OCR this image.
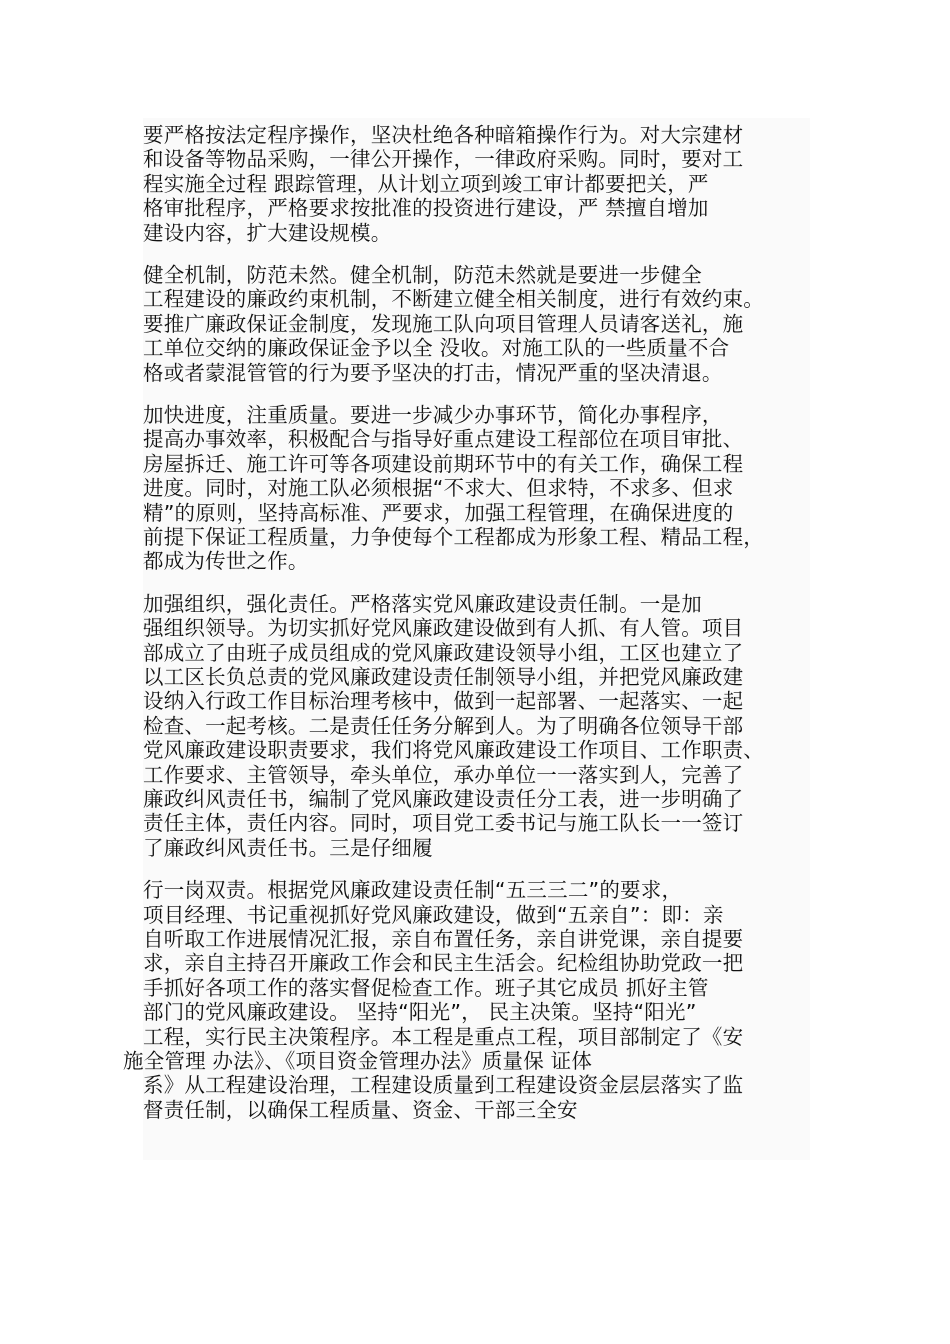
要严格按法定程序操作，坚决杜绝各种暗箱操作行为。对大宗建材
和设备等物品采购，一律公开操作，一律政府采购。同时，要对工
程实施全过程 跟踪管理，从计划立项到竣工审计都要把关，严
格审批程序，严格要求按批准的投资进行建设，严 禁擅自增加
建设内容，扩大建设规模。
健全机制，防范未然。健全机制，防范未然就是要进一步健全
工程建设的廉政约束机制，不断建立健全相关制度，进行有效约束。
要推广廉政保证金制度，发现施工队向项目管理人员请客送礼，施
工单位交纳的廉政保证金予以全 没收。对施工队的一些质量不合
格或者蒙混管管的行为要予坚决的打击，情况严重的坚决清退。
加快进度，注重质量。要进一步减少办事环节，简化办事程序，
提高办事效率，积极配合与指导好重点建设工程部位在项目审批、
房屋拆迁、施工许可等各项建设前期环节中的有关工作，确保工程
进度。同时，对施工队必须根据“不求大、但求特，不求多、但求
精”的原则，坚持高标准、严要求，加强工程管理，在确保进度的
前提下保证工程质量，力争使每个工程都成为形象工程、精品工程，
都成为传世之作。
加强组织，强化责任。严格落实党风廉政建设责任制。一是加
强组织领导。为切实抓好党风廉政建设做到有人抓、有人管。项目
部成立了由班子成员组成的党风廉政建设领导小组，工区也建立了
以工区长负总责的党风廉政建设责任制领导小组，并把党风廉政建
设纳入行政工作目标治理考核中，做到一起部署、一起落实、一起
检查、一起考核。二是责任任务分解到人。为了明确各位领导干部
党风廉政建设职责要求，我们将党风廉政建设工作项目、工作职责、
工作要求、主管领导，牵头单位，承办单位一一落实到人，完善了
廉政纠风责任书，编制了党风廉政建设责任分工表，进一步明确了
责任主体，责任内容。同时，项目党工委书记与施工队长一一签订
了廉政纠风责任书。三是仔细履
行一岗双责。根据党风廉政建设责任制“五三三二”的要求，
项目经理、书记重视抓好党风廉政建设，做到“五亲自”：即：亲
自听取工作进展情况汇报，亲自布置任务，亲自讲党课，亲自提要
求，亲自主持召开廉政工作会和民主生活会。纪检组协助党政一把
手抓好各项工作的落实督促检查工作。班子其它成员 抓好主管
部门的党风廉政建设。 坚持“阳光”， 民主决策。坚持“阳光”
工程，实行民主决策程序。本工程是重点工程，项目部制定了《安
施全管理 办法》、《项目资金管理办法》质量保 证体
系》从工程建设治理，工程建设质量到工程建设资金层层落实了监
督责任制，以确保工程质量、资金、干部三全安
